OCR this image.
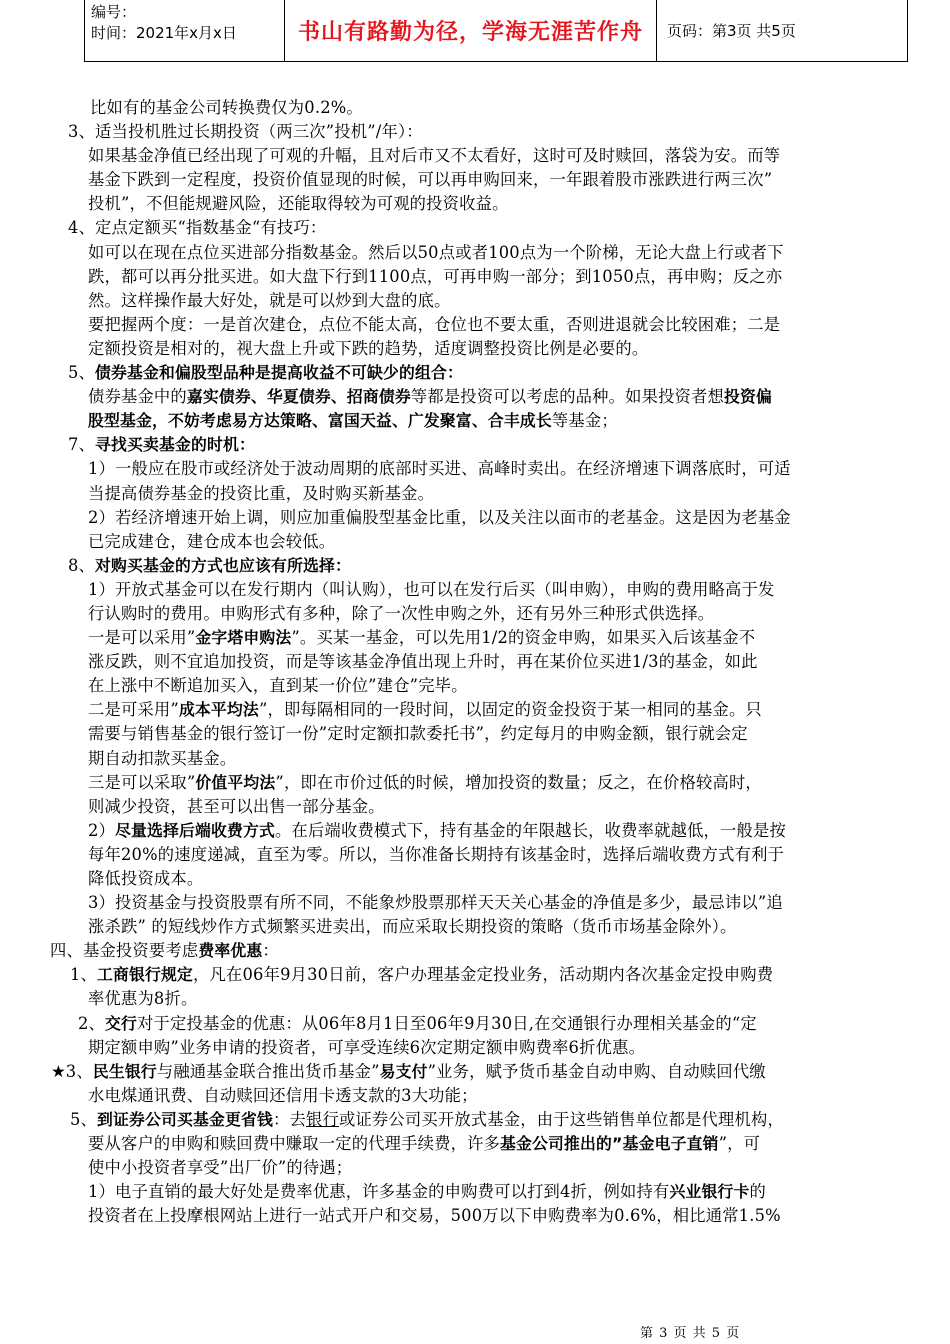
编号：
时间：2021年x月x日	书山有路勤为径，学海无涯苦作舟	页码：第3页 共5页
比如有的基金公司转换费仅为0.2%。
3、适当投机胜过长期投资（两三次”投机”/年）：
如果基金净值已经出现了可观的升幅，且对后市又不太看好，这时可及时赎回，落袋为安。而等
基金下跌到一定程度，投资价值显现的时候，可以再申购回来，一年跟着股市涨跌进行两三次”
投机”，不但能规避风险，还能取得较为可观的投资收益。
4、定点定额买“指数基金“有技巧：
如可以在现在点位买进部分指数基金。然后以50点或者100点为一个阶梯，无论大盘上行或者下
跌，都可以再分批买进。如大盘下行到1100点，可再申购一部分；到1050点，再申购；反之亦
然。这样操作最大好处，就是可以炒到大盘的底。
要把握两个度：一是首次建仓，点位不能太高，仓位也不要太重，否则进退就会比较困难；二是
定额投资是相对的，视大盘上升或下跌的趋势，适度调整投资比例是必要的。
5、债券基金和偏股型品种是提高收益不可缺少的组合：
债券基金中的嘉实债券、华夏债券、招商债券等都是投资可以考虑的品种。如果投资者想投资偏
股型基金，不妨考虑易方达策略、富国天益、广发聚富、合丰成长等基金；
7、寻找买卖基金的时机：
1）一般应在股市或经济处于波动周期的底部时买进、高峰时卖出。在经济增速下调落底时，可适
当提高债券基金的投资比重，及时购买新基金。
2）若经济增速开始上调，则应加重偏股型基金比重，以及关注以面市的老基金。这是因为老基金
已完成建仓，建仓成本也会较低。
8、对购买基金的方式也应该有所选择：
1）开放式基金可以在发行期内（叫认购），也可以在发行后买（叫申购），申购的费用略高于发
行认购时的费用。申购形式有多种，除了一次性申购之外，还有另外三种形式供选择。
一是可以采用”金字塔申购法”。买某一基金，可以先用1/2的资金申购，如果买入后该基金不
涨反跌，则不宜追加投资，而是等该基金净值出现上升时，再在某价位买进1/3的基金，如此
在上涨中不断追加买入，直到某一价位”建仓”完毕。
二是可采用”成本平均法”，即每隔相同的一段时间，以固定的资金投资于某一相同的基金。只
需要与销售基金的银行签订一份”定时定额扣款委托书”，约定每月的申购金额，银行就会定
期自动扣款买基金。
三是可以采取”价值平均法”，即在市价过低的时候，增加投资的数量；反之，在价格较高时，
则减少投资，甚至可以出售一部分基金。
2）尽量选择后端收费方式。在后端收费模式下，持有基金的年限越长，收费率就越低，一般是按
每年20%的速度递减，直至为零。所以，当你准备长期持有该基金时，选择后端收费方式有利于
降低投资成本。
3）投资基金与投资股票有所不同，不能象炒股票那样天天关心基金的净值是多少，最忌讳以”追
涨杀跌” 的短线炒作方式频繁买进卖出，而应采取长期投资的策略（货币市场基金除外）。
四、基金投资要考虑费率优惠：
1、工商银行规定，凡在06年9月30日前，客户办理基金定投业务，活动期内各次基金定投申购费
率优惠为8折。
2、交行对于定投基金的优惠：从06年8月1日至06年9月30日,在交通银行办理相关基金的“定
期定额申购”业务申请的投资者，可享受连续6次定期定额申购费率6折优惠。
★3、民生银行与融通基金联合推出货币基金”易支付”业务，赋予货币基金自动申购、自动赎回代缴
水电煤通讯费、自动赎回还信用卡透支款的3大功能；
5、到证券公司买基金更省钱：去银行或证券公司买开放式基金，由于这些销售单位都是代理机构，
要从客户的申购和赎回费中赚取一定的代理手续费，许多基金公司推出的”基金电子直销”，可
使中小投资者享受”出厂价”的待遇；
1）电子直销的最大好处是费率优惠，许多基金的申购费可以打到4折，例如持有兴业银行卡的
投资者在上投摩根网站上进行一站式开户和交易，500万以下申购费率为0.6%，相比通常1.5%
第 3 页 共 5 页
